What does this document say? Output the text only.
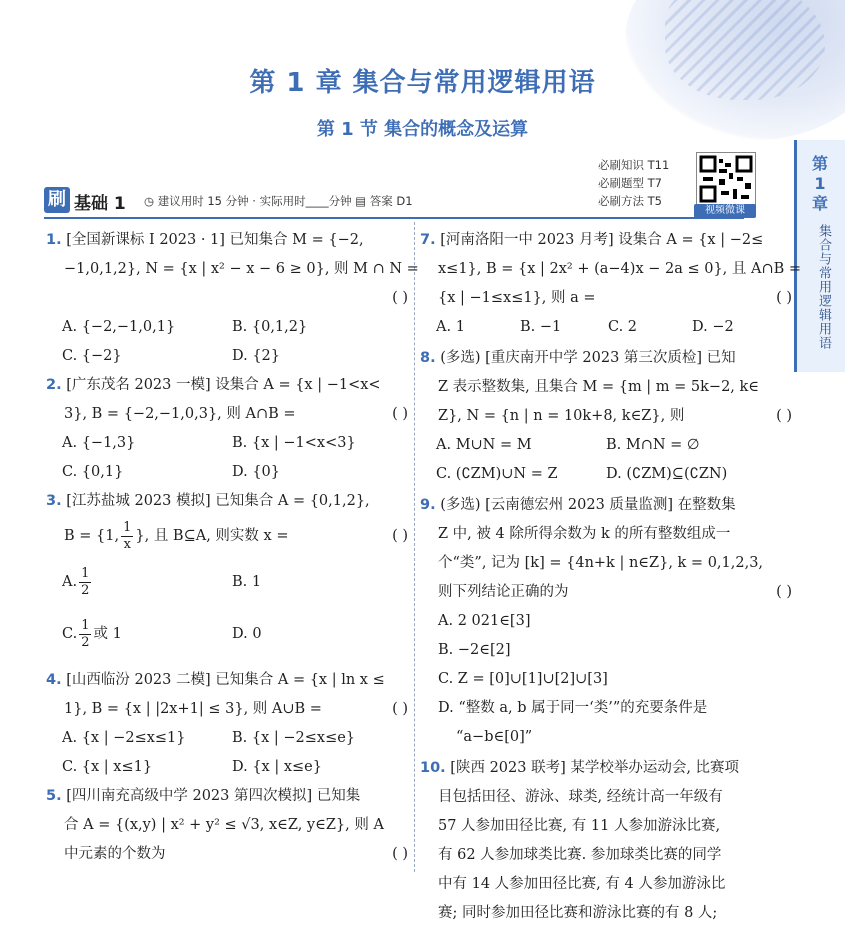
第 1 章 集合与常用逻辑用语
第 1 节 集合的概念及运算
第
1
章
集合与常用逻辑用语
必刷知识 T11
必刷题型 T7
必刷方法 T5
视频微课
刷 基础 1 ◷ 建议用时 15 分钟 · 实际用时____分钟 ▤ 答案 D1
1. [全国新课标 Ⅰ 2023 · 1] 已知集合 M = {−2,
−1,0,1,2}, N = {x | x² − x − 6 ≥ 0}, 则 M ∩ N =
( )
A. {−2,−1,0,1}	B. {0,1,2}
C. {−2}	D. {2}
2. [广东茂名 2023 一模] 设集合 A = {x | −1<x<
3}, B = {−2,−1,0,3}, 则 A∩B =	( )
A. {−1,3}	B. {x | −1<x<3}
C. {0,1}	D. {0}
3. [江苏盐城 2023 模拟] 已知集合 A = {0,1,2},
B = {1, $\frac{1}{x}$ }, 且 B⊆A, 则实数 x =	( )
A. $\frac{1}{2}$	B. 1
C. $\frac{1}{2}$ 或 1	D. 0
4. [山西临汾 2023 二模] 已知集合 A = {x | ln x ≤
1}, B = {x | |2x+1| ≤ 3}, 则 A∪B =	( )
A. {x | −2≤x≤1}	B. {x | −2≤x≤e}
C. {x | x≤1}	D. {x | x≤e}
5. [四川南充高级中学 2023 第四次模拟] 已知集
合 A = {(x,y) | x² + y² ≤ √3, x∈Z, y∈Z}, 则 A
中元素的个数为	( )
7. [河南洛阳一中 2023 月考] 设集合 A = {x | −2≤
x≤1}, B = {x | 2x² + (a−4)x − 2a ≤ 0}, 且 A∩B =
{x | −1≤x≤1}, 则 a =	( )
A. 1	B. −1	C. 2	D. −2
8. (多选) [重庆南开中学 2023 第三次质检] 已知
Z 表示整数集, 且集合 M = {m | m = 5k−2, k∈
Z}, N = {n | n = 10k+8, k∈Z}, 则	( )
A. M∪N = M	B. M∩N = ∅
C. (∁ZM)∪N = Z	D. (∁ZM)⊆(∁ZN)
9. (多选) [云南德宏州 2023 质量监测] 在整数集
Z 中, 被 4 除所得余数为 k 的所有整数组成一
个“类”, 记为 [k] = {4n+k | n∈Z}, k = 0,1,2,3,
则下列结论正确的为	( )
A. 2 021∈[3]
B. −2∈[2]
C. Z = [0]∪[1]∪[2]∪[3]
D. “整数 a, b 属于同一‘类’”的充要条件是
“a−b∈[0]”
10. [陕西 2023 联考] 某学校举办运动会, 比赛项
目包括田径、游泳、球类, 经统计高一年级有
57 人参加田径比赛, 有 11 人参加游泳比赛,
有 62 人参加球类比赛. 参加球类比赛的同学
中有 14 人参加田径比赛, 有 4 人参加游泳比
赛; 同时参加田径比赛和游泳比赛的有 8 人;
